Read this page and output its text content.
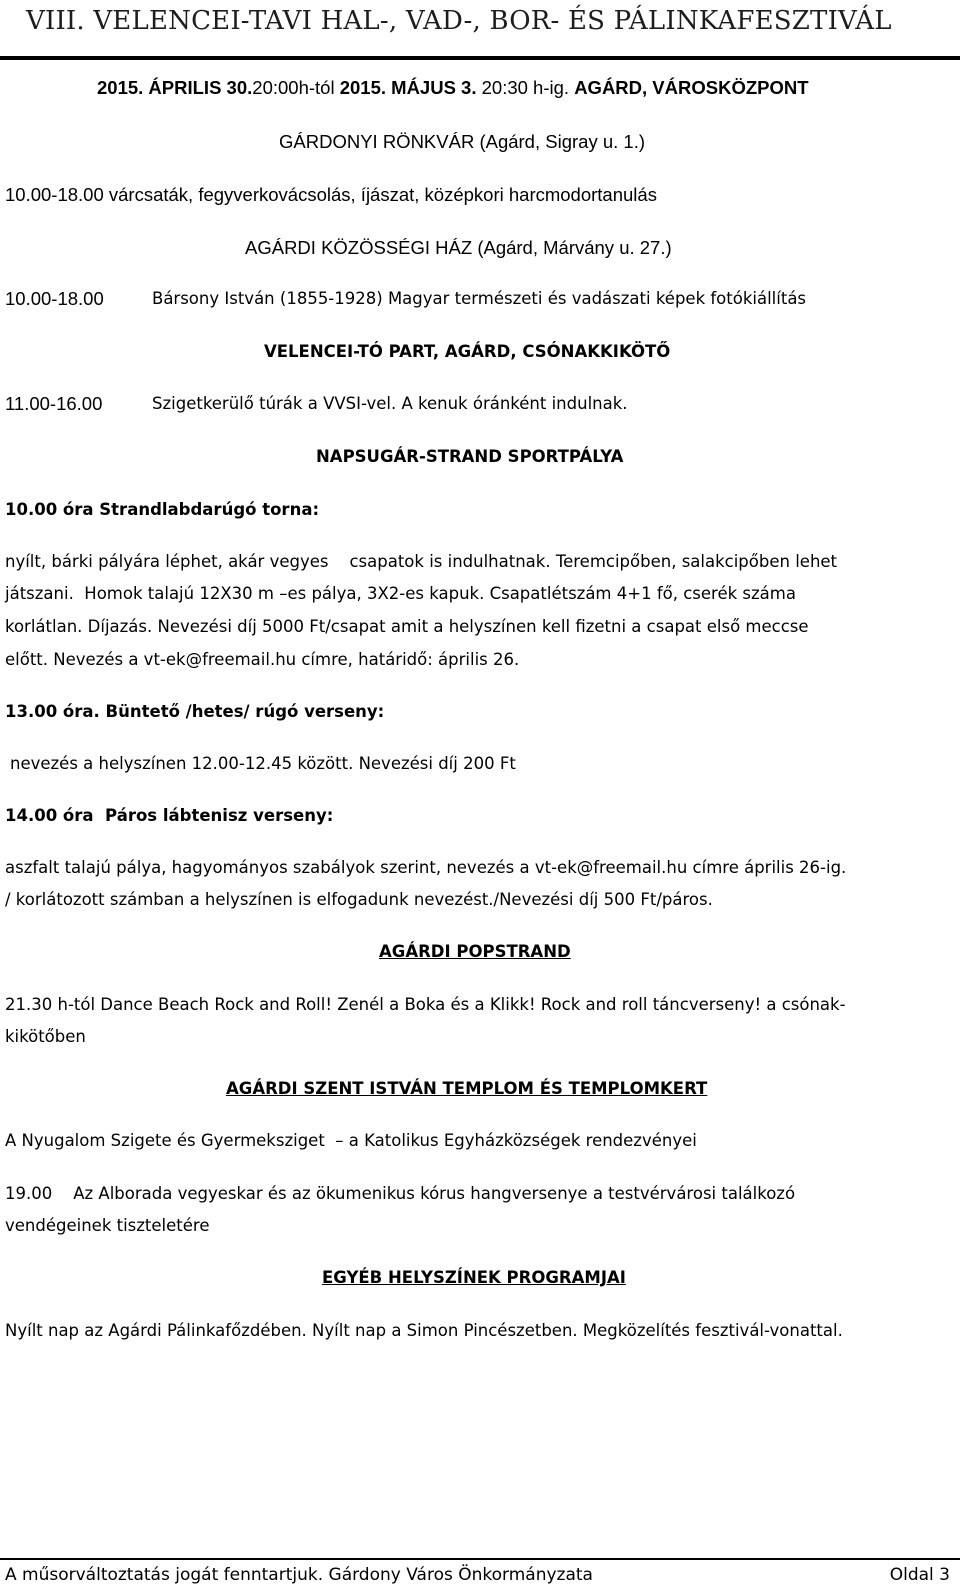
VIII. VELENCEI-TAVI HAL-, VAD-, BOR- ÉS PÁLINKAFESZTIVÁL
2015. ÁPRILIS 30.20:00h-tól 2015. MÁJUS 3. 20:30 h-ig. AGÁRD, VÁROSKÖZPONT
GÁRDONYI RÖNKVÁR (Agárd, Sigray u. 1.)
10.00-18.00 várcsaták, fegyverkovácsolás, íjászat, középkori harcmodortanulás
AGÁRDI KÖZÖSSÉGI HÁZ (Agárd, Márvány u. 27.)
10.00-18.00	Bársony István (1855-1928) Magyar természeti és vadászati képek fotókiállítás
VELENCEI-TÓ PART, AGÁRD, CSÓNAKKIKÖTŐ
11.00-16.00	Szigetkerülő túrák a VVSI-vel. A kenuk óránként indulnak.
NAPSUGÁR-STRAND SPORTPÁLYA
10.00 óra Strandlabdarúgó torna:
nyílt, bárki pályára léphet, akár vegyes    csapatok is indulhatnak. Teremcipőben, salakcipőben lehet
játszani.  Homok talajú 12X30 m –es pálya, 3X2-es kapuk. Csapatlétszám 4+1 fő, cserék száma
korlátlan. Díjazás. Nevezési díj 5000 Ft/csapat amit a helyszínen kell fizetni a csapat első meccse
előtt. Nevezés a vt-ek@freemail.hu címre, határidő: április 26.
13.00 óra. Büntető /hetes/ rúgó verseny:
nevezés a helyszínen 12.00-12.45 között. Nevezési díj 200 Ft
14.00 óra Páros lábtenisz verseny:
aszfalt talajú pálya, hagyományos szabályok szerint, nevezés a vt-ek@freemail.hu címre április 26-ig.
/ korlátozott számban a helyszínen is elfogadunk nevezést./Nevezési díj 500 Ft/páros.
AGÁRDI POPSTRAND
21.30 h-tól Dance Beach Rock and Roll! Zenél a Boka és a Klikk! Rock and roll táncverseny! a csónak-
kikötőben
AGÁRDI SZENT ISTVÁN TEMPLOM ÉS TEMPLOMKERT
A Nyugalom Szigete és Gyermeksziget  – a Katolikus Egyházközségek rendezvényei
19.00    Az Alborada vegyeskar és az ökumenikus kórus hangversenye a testvérvárosi találkozó
vendégeinek tiszteletére
EGYÉB HELYSZÍNEK PROGRAMJAI
Nyílt nap az Agárdi Pálinkafőzdében. Nyílt nap a Simon Pincészetben. Megközelítés fesztivál-vonattal.
A műsorváltoztatás jogát fenntartjuk. Gárdony Város Önkormányzata	Oldal 3
